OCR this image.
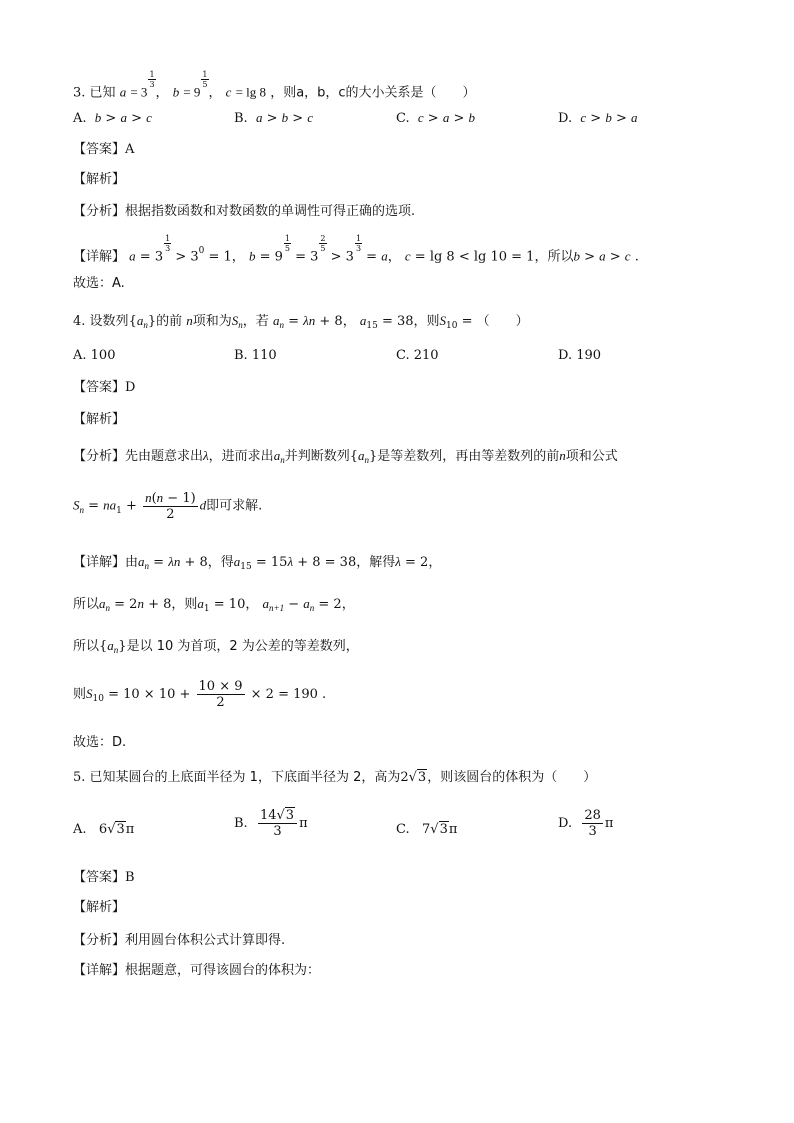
3. 已知 a = 3
$\frac{1}{3}$
， b = 9
$\frac{1}{5}$
， c = lg 8 ，则a，b，c的大小关系是（　　）
A. b > a > c	B. a > b > c	C. c > a > b	D. c > b > a
【答案】A
【解析】
【分析】根据指数函数和对数函数的单调性可得正确的选项.
【详解】 a = 3
$\frac{1}{3}$
> $3^0 = 1$， b = 9
$\frac{1}{5}$
= 3
$\frac{2}{5}$
> 3
$\frac{1}{3}$
= a， c = lg 8 < lg 10 = 1，所以b > a > c .
故选：A.
4. 设数列$\{a_n\}$的前 n项和为$S_n$，若 $a_n = \lambda n + 8$， $a_{15} = 38$，则$S_{10}$ = （　　）
A. 100	B. 110	C. 210	D. 190
【答案】D
【解析】
【分析】先由题意求出λ，进而求出$a_n$并判断数列$\{a_n\}$是等差数列，再由等差数列的前n项和公式
$S_n = na_1 + \frac{n(n - 1)}{2}$ d即可求解.
【详解】由$a_n = \lambda n + 8$，得$a_{15} = 15\lambda + 8 = 38$，解得λ = 2，
所以$a_n = 2n + 8$，则$a_1 = 10$， $a_{n+1} - a_n = 2$，
所以$\{a_n\}$是以 10 为首项，2 为公差的等差数列，
则$S_{10} = 10 \times 10 + \frac{10 \times 9}{2} \times 2 = 190$ .
故选：D.
5. 已知某圆台的上底面半径为 1，下底面半径为 2，高为2√3，则该圆台的体积为（　　）
A.   6√3π	B. $\frac{14√3}{3}$ π	C.   7√3π	D. $\frac{28}{3}$ π
【答案】B
【解析】
【分析】利用圆台体积公式计算即得.
【详解】根据题意，可得该圆台的体积为：
